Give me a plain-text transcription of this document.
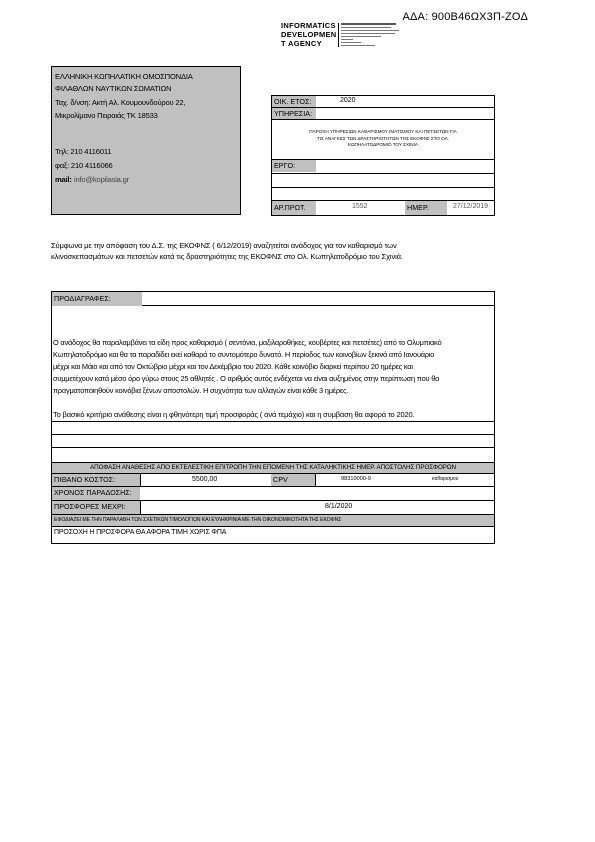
ΑΔΑ: 900Β46ΩΧ3Π-ΖΟΔ
INFORMATICS
DEVELOPMEN
T AGENCY
ΕΛΛΗΝΙΚΗ ΚΩΠΗΛΑΤΙΚΗ ΟΜΟΣΠΟΝΔΙΑ
ΦΙΛΑΘΛΩΝ ΝΑΥΤΙΚΩΝ ΣΩΜΑΤΙΩΝ
Ταχ. δ/νση: Ακτή Αλ. Κουμουνδούρου 22,
Μικρολίμανο Πειραιάς ΤΚ 18533
Τηλ: 210 4116011
φαξ: 210 4116066
mail: info@kopilasia.gr
ΟΙΚ. ΕΤΟΣ:	2020
ΥΠΗΡΕΣΙΑ:
ΠΑΡΟΧΗ ΥΠΗΡΕΣΙΩΝ ΚΑΘΑΡΙΣΜΟΥ ΙΜΑΤΙΣΜΟΥ ΚΑΙ ΠΕΤΣΕΤΩΝ ΓΙΑ
ΤΙΣ ΑΝΑΓΚΕΣ ΤΩΝ ΔΡΑΣΤΗΡΙΟΤΗΤΩΝ ΤΗΣ ΕΚΟΦΝΣ ΣΤΟ ΟΛ.
ΚΩΠΗΛΑΤΟΔΡΟΜΙΟ ΤΟΥ ΣΧΙΝΙΑ
ΕΡΓΟ:
ΑΡ.ΠΡΩΤ.	1552	ΗΜΕΡ.	27/12/2019
Σύμφωνα με την απόφαση του Δ.Σ. της ΕΚΟΦΝΣ ( 6/12/2019) αναζητείται ανάδοχος για τον καθαρισμό των
κλινοσκεπασμάτων και πετσετών κατά τις δραστηριότητες της ΕΚΟΦΝΣ στο Ολ. Κωπηλατοδρόμιο του Σχινιά.
ΠΡΟΔΙΑΓΡΑΦΕΣ:
Ο ανάδοχος θα παραλαμβάνει τα είδη προς καθαρισμό ( σεντόνια, μαξιλαροθήκες, κουβέρτες και πετσέτες) από το Ολυμπιακό
Κωπηλατοδρόμιο και θα τα παραδίδει εκεί καθαρά το συντομότερο δυνατό. Η περίοδος των κοινοβίων ξεκινά από Ιανουάριο
μέχρι και Μάιο και από τον Οκτώβριο μέχρι και τον Δεκέμβριο του 2020. Κάθε κοινόβιο διαρκεί περίπου 20 ημέρες και
συμμετέχουν κατά μέσο όρο γύρω στους 25 αθλητές . Ο αριθμός αυτός ενδέχεται να είναι αυξημένος στην περίπτωση που θα
πραγματοποιηθούν κοινόβια ξένων αποστολών. Η συχνότητα των αλλαγών είναι κάθε 3 ημέρες.
Το βασικό κριτήριο ανάθεσης είναι η φθηνότερη τιμή προσφοράς ( ανά τεμάχιο) και η συμβαση θα αφορά το 2020.
ΑΠΟΦΑΣΗ ΑΝΑΘΕΣΗΣ ΑΠΟ ΕΚΤΕΛΕΣΤΙΚΗ ΕΠΙΤΡΟΠΗ ΤΗΝ ΕΠΟΜΕΝΗ ΤΗΣ ΚΑΤΑΛΗΚΤΙΚΗΣ ΗΜΕΡ. ΑΠΟΣΤΟΛΗΣ ΠΡΟΣΦΟΡΩΝ
ΠΙΘΑΝΟ ΚΟΣΤΟΣ:	5500,00	CPV	98310000-9	καθαρισμού
ΧΡΟΝΟΣ ΠΑΡΑΔΟΣΗΣ:
ΠΡΟΣΦΟΡΕΣ ΜΕΧΡΙ:	8/1/2020
ΕΦΟΔΙΑΖΕΙ ΜΕ ΤΗΝ ΠΑΡΑΛΑΒΗ ΤΩΝ ΣΧΕΤΙΚΩΝ ΤΙΜΟΛΟΓΙΩΝ ΚΑΙ ΕΥΛΗΚΡΙΝΙΑ ΜΕ ΤΗΝ ΟΙΚΟΝΟΜΙΚΟΤΗΤΑ ΤΗΣ ΕΚΟΦΝΣ
ΠΡΟΣΟΧΗ Η ΠΡΟΣΦΟΡΑ ΘΑ ΑΦΟΡΑ ΤΙΜΗ ΧΩΡΙΣ ΦΠΑ
